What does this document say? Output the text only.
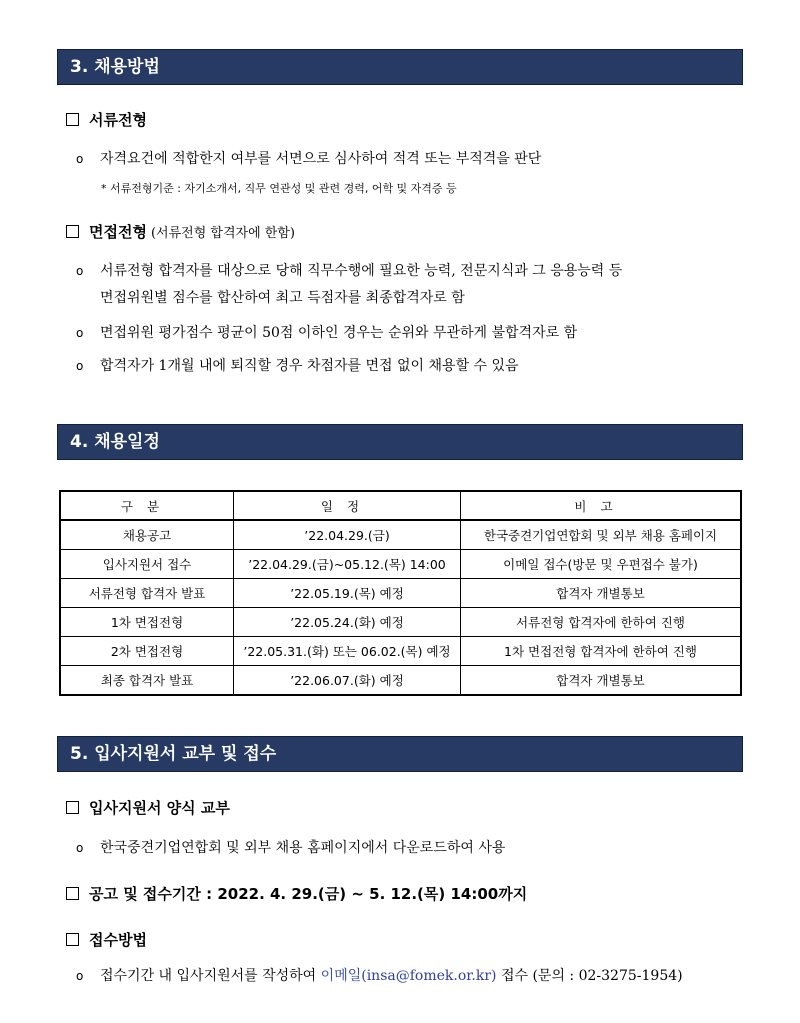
3. 채용방법
서류전형
o 자격요건에 적합한지 여부를 서면으로 심사하여 적격 또는 부적격을 판단
* 서류전형기준 : 자기소개서, 직무 연관성 및 관련 경력, 어학 및 자격증 등
면접전형 (서류전형 합격자에 한함)
o 서류전형 합격자를 대상으로 당해 직무수행에 필요한 능력, 전문지식과 그 응용능력 등
면접위원별 점수를 합산하여 최고 득점자를 최종합격자로 함
o 면접위원 평가점수 평균이 50점 이하인 경우는 순위와 무관하게 불합격자로 함
o 합격자가 1개월 내에 퇴직할 경우 차점자를 면접 없이 채용할 수 있음
4. 채용일정
구분	일정	비고
채용공고	’22.04.29.(금)	한국중견기업연합회 및 외부 채용 홈페이지
입사지원서 접수	’22.04.29.(금)~05.12.(목) 14:00	이메일 접수(방문 및 우편접수 불가)
서류전형 합격자 발표	’22.05.19.(목) 예정	합격자 개별통보
1차 면접전형	’22.05.24.(화) 예정	서류전형 합격자에 한하여 진행
2차 면접전형	’22.05.31.(화) 또는 06.02.(목) 예정	1차 면접전형 합격자에 한하여 진행
최종 합격자 발표	’22.06.07.(화) 예정	합격자 개별통보
5. 입사지원서 교부 및 접수
입사지원서 양식 교부
o 한국중견기업연합회 및 외부 채용 홈페이지에서 다운로드하여 사용
공고 및 접수기간 : 2022. 4. 29.(금) ~ 5. 12.(목) 14:00까지
접수방법
o 접수기간 내 입사지원서를 작성하여 이메일(insa@fomek.or.kr) 접수 (문의 : 02-3275-1954)
